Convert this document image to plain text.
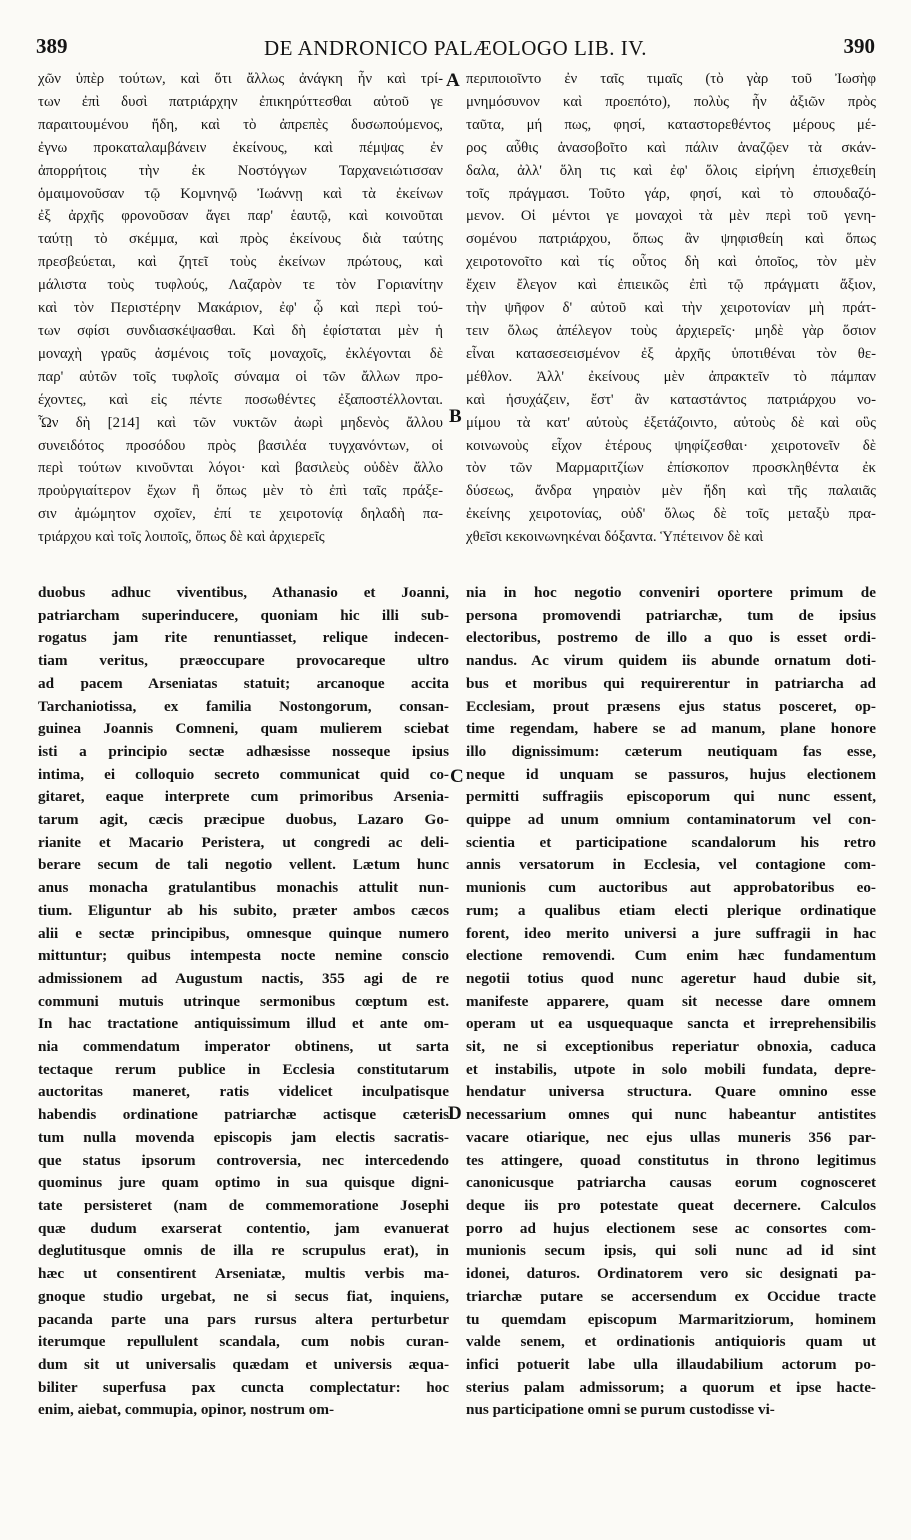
389	DE ANDRONICO PALÆOLOGO LIB. IV.	390
A
B
C
D
χῶν ὑπὲρ τούτων, καὶ ὅτι ἄλλως ἀνάγκη ἦν καὶ τρί-
των ἐπὶ δυσὶ πατριάρχην ἐπικηρύττεσθαι αὐτοῦ γε
παραιτουμένου ἤδη, καὶ τὸ ἀπρεπὲς δυσωπούμενος,
ἐγνω προκαταλαμβάνειν ἐκείνους, καὶ πέμψας ἐν
ἀπορρήτοις τὴν ἐκ Νοστόγγων Ταρχανειώτισσαν
ὁμαιμονοῦσαν τῷ Κομνηνῷ Ἰωάννῃ καὶ τὰ ἐκείνων
ἐξ ἀρχῆς φρονοῦσαν ἄγει παρ' ἑαυτῷ, καὶ κοινοῦται
ταύτῃ τὸ σκέμμα, καὶ πρὸς ἐκείνους διὰ ταύτης
πρεσβεύεται, καὶ ζητεῖ τοὺς ἐκείνων πρώτους, καὶ
μάλιστα τοὺς τυφλούς, Λαζαρὸν τε τὸν Γοριανίτην
καὶ τὸν Περιστέρην Μακάριον, ἐφ' ᾧ καὶ περὶ τού-
των σφίσι συνδιασκέψασθαι. Καὶ δὴ ἐφίσταται μὲν ἡ
μοναχὴ γραῦς ἀσμένοις τοῖς μοναχοῖς, ἐκλέγονται δὲ
παρ' αὐτῶν τοῖς τυφλοῖς σύναμα οἱ τῶν ἄλλων προ-
έχοντες, καὶ εἰς πέντε ποσωθέντες ἐξαποστέλλονται.
Ὧν δὴ [214] καὶ τῶν νυκτῶν ἀωρὶ μηδενὸς ἄλλου
συνειδότος προσόδου πρὸς βασιλέα τυγχανόντων, οἱ
περὶ τούτων κινοῦνται λόγοι· καὶ βασιλεὺς οὐδὲν ἄλλο
προὐργιαίτερον ἔχων ἢ ὅπως μὲν τὸ ἐπὶ ταῖς πράξε-
σιν ἀμώμητον σχοῖεν, ἐπί τε χειροτονίᾳ δηλαδὴ πα-
τριάρχου καὶ τοῖς λοιποῖς, ὅπως δὲ καὶ ἀρχιερεῖς
περιποιοῖντο ἐν ταῖς τιμαῖς (τὸ γὰρ τοῦ Ἰωσὴφ
μνημόσυνον καὶ προεπότο), πολὺς ἦν ἀξιῶν πρὸς
ταῦτα, μή πως, φησί, καταστορεθέντος μέρους μέ-
ρος αὖθις ἀνασοβοῖτο καὶ πάλιν ἀναζῷεν τὰ σκάν-
δαλα, ἀλλ' ὅλη τις καὶ ἐφ' ὅλοις εἰρήνη ἐπισχεθείη
τοῖς πράγμασι. Τοῦτο γάρ, φησί, καὶ τὸ σπουδαζό-
μενον. Οἱ μέντοι γε μοναχοὶ τὰ μὲν περὶ τοῦ γενη-
σομένου πατριάρχου, ὅπως ἂν ψηφισθείη καὶ ὅπως
χειροτονοῖτο καὶ τίς οὗτος δὴ καὶ ὁποῖος, τὸν μὲν
ἔχειν ἔλεγον καὶ ἐπιεικῶς ἐπὶ τῷ πράγματι ἄξιον,
τὴν ψῆφον δ' αὐτοῦ καὶ τὴν χειροτονίαν μὴ πράτ-
τειν ὅλως ἀπέλεγον τοὺς ἀρχιερεῖς· μηδὲ γὰρ ὅσιον
εἶναι κατασεσεισμένον ἐξ ἀρχῆς ὑποτιθέναι τὸν θε-
μέθλον. Ἀλλ' ἐκείνους μὲν ἀπρακτεῖν τὸ πάμπαν
καὶ ἡσυχάζειν, ἔστ' ἂν καταστάντος πατριάρχου νο-
μίμου τὰ κατ' αὐτοὺς ἐξετάζοιντο, αὐτοὺς δὲ καὶ οὓς
κοινωνοὺς εἶχον ἑτέρους ψηφίζεσθαι· χειροτονεῖν δὲ
τὸν τῶν Μαρμαριτζίων ἐπίσκοπον προσκληθέντα ἐκ
δύσεως, ἄνδρα γηραιὸν μὲν ἤδη καὶ τῆς παλαιᾶς
ἐκείνης χειροτονίας, οὐδ' ὅλως δὲ τοῖς μεταξὺ πρα-
χθεῖσι κεκοινωνηκέναι δόξαντα. Ὑπέτεινον δὲ καὶ
duobus adhuc viventibus, Athanasio et Joanni,
patriarcham superinducere, quoniam hic illi sub-
rogatus jam rite renuntiasset, relique indecen-
tiam veritus, præoccupare provocareque ultro
ad pacem Arseniatas statuit; arcanoque accita
Tarchaniotissa, ex familia Nostongorum, consan-
guinea Joannis Comneni, quam mulierem sciebat
isti a principio sectæ adhæsisse nosseque ipsius
intima, ei colloquio secreto communicat quid co-
gitaret, eaque interprete cum primoribus Arsenia-
tarum agit, cæcis præcipue duobus, Lazaro Go-
rianite et Macario Peristera, ut congredi ac deli-
berare secum de tali negotio vellent. Lætum hunc
anus monacha gratulantibus monachis attulit nun-
tium. Eliguntur ab his subito, præter ambos cæcos
alii e sectæ principibus, omnesque quinque numero
mittuntur; quibus intempesta nocte nemine conscio
admissionem ad Augustum nactis, 355 agi de re
communi mutuis utrinque sermonibus cœptum est.
In hac tractatione antiquissimum illud et ante om-
nia commendatum imperator obtinens, ut sarta
tectaque rerum publice in Ecclesia constitutarum
auctoritas maneret, ratis videlicet inculpatisque
habendis ordinatione patriarchæ actisque cæteris
tum nulla movenda episcopis jam electis sacratis-
que status ipsorum controversia, nec intercedendo
quominus jure quam optimo in sua quisque digni-
tate persisteret (nam de commemoratione Josephi
quæ dudum exarserat contentio, jam evanuerat
deglutitusque omnis de illa re scrupulus erat), in
hæc ut consentirent Arseniatæ, multis verbis ma-
gnoque studio urgebat, ne si secus fiat, inquiens,
pacanda parte una pars rursus altera perturbetur
iterumque repullulent scandala, cum nobis curan-
dum sit ut universalis quædam et universis æqua-
biliter superfusa pax cuncta complectatur: hoc
enim, aiebat, commupia, opinor, nostrum om-
nia in hoc negotio conveniri oportere primum de
persona promovendi patriarchæ, tum de ipsius
electoribus, postremo de illo a quo is esset ordi-
nandus. Ac virum quidem iis abunde ornatum doti-
bus et moribus qui requirerentur in patriarcha ad
Ecclesiam, prout præsens ejus status posceret, op-
time regendam, habere se ad manum, plane honore
illo dignissimum: cæterum neutiquam fas esse,
neque id unquam se passuros, hujus electionem
permitti suffragiis episcoporum qui nunc essent,
quippe ad unum omnium contaminatorum vel con-
scientia et participatione scandalorum his retro
annis versatorum in Ecclesia, vel contagione com-
munionis cum auctoribus aut approbatoribus eo-
rum; a qualibus etiam electi plerique ordinatique
forent, ideo merito universi a jure suffragii in hac
electione removendi. Cum enim hæc fundamentum
negotii totius quod nunc ageretur haud dubie sit,
manifeste apparere, quam sit necesse dare omnem
operam ut ea usquequaque sancta et irreprehensibilis
sit, ne si exceptionibus reperiatur obnoxia, caduca
et instabilis, utpote in solo mobili fundata, depre-
hendatur universa structura. Quare omnino esse
necessarium omnes qui nunc habeantur antistites
vacare otiarique, nec ejus ullas muneris 356 par-
tes attingere, quoad constitutus in throno legitimus
canonicusque patriarcha causas eorum cognosceret
deque iis pro potestate queat decernere. Calculos
porro ad hujus electionem sese ac consortes com-
munionis secum ipsis, qui soli nunc ad id sint
idonei, daturos. Ordinatorem vero sic designati pa-
triarchæ putare se accersendum ex Occidue tracte
tu quemdam episcopum Marmaritziorum, hominem
valde senem, et ordinationis antiquioris quam ut
infici potuerit labe ulla illaudabilium actorum po-
sterius palam admissorum; a quorum et ipse hacte-
nus participatione omni se purum custodisse vi-
